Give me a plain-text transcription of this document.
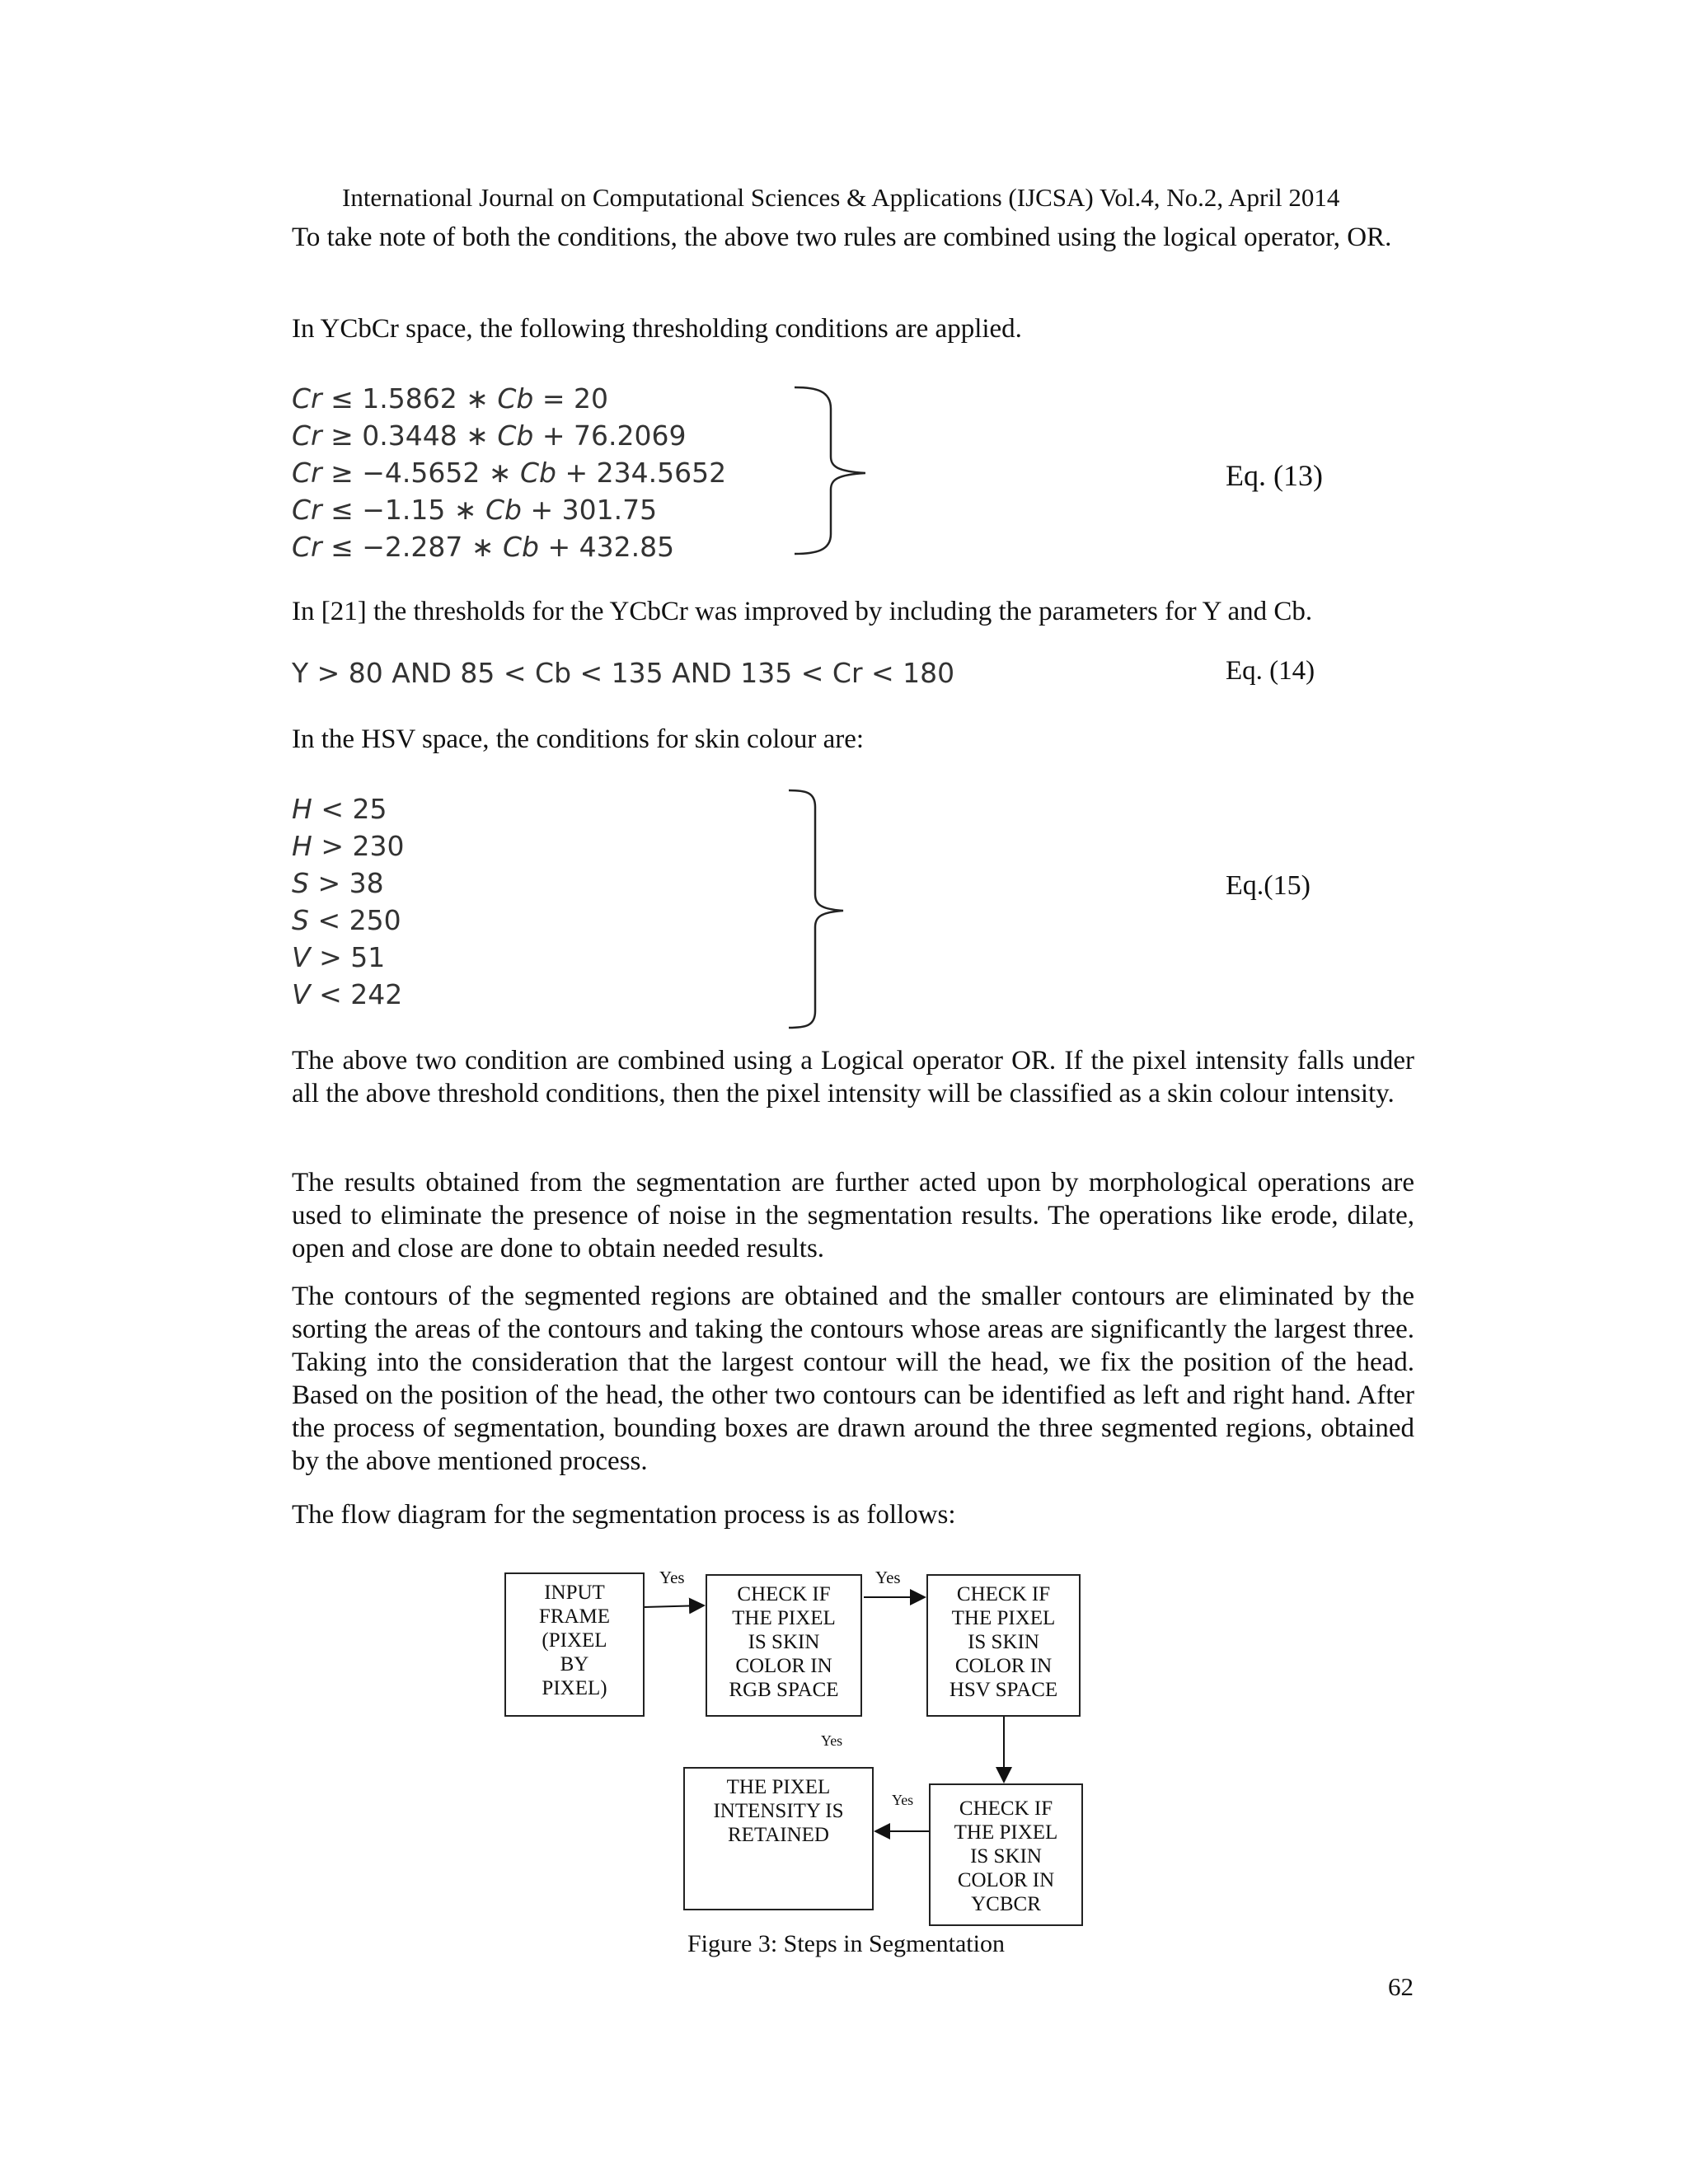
International Journal on Computational Sciences & Applications (IJCSA) Vol.4, No.2, April 2014
To take note of both the conditions, the above two rules are combined using the logical operator, OR.
In YCbCr space, the following thresholding conditions are applied.
Cr ≤ 1.5862 ∗ Cb = 20
Cr ≥ 0.3448 ∗ Cb + 76.2069
Cr ≥ −4.5652 ∗ Cb + 234.5652
Cr ≤ −1.15 ∗ Cb + 301.75
Cr ≤ −2.287 ∗ Cb + 432.85
Eq. (13)
In [21] the thresholds for the YCbCr was improved by including the parameters for Y and Cb.
Y > 80 AND 85 < Cb < 135 AND 135 < Cr < 180	Eq. (14)
In the HSV space, the conditions for skin colour are:
H < 25
H > 230
S > 38
S < 250
V > 51
V < 242
Eq.(15)
The above two condition are combined using a Logical operator OR. If the pixel intensity falls under all the above threshold conditions, then the pixel intensity will be classified as a skin colour intensity.
The results obtained from the segmentation are further acted upon by morphological operations are used to eliminate the presence of noise in the segmentation results. The operations like erode, dilate, open and close are done to obtain needed results.
The contours of the segmented regions are obtained and the smaller contours are eliminated by the sorting the areas of the contours and taking the contours whose areas are significantly the largest three. Taking into the consideration that the largest contour will the head, we fix the position of the head. Based on the position of the head, the other two contours can be identified as left and right hand. After the process of segmentation, bounding boxes are drawn around the three segmented regions, obtained by the above mentioned process.
The flow diagram for the segmentation process is as follows:
INPUT
FRAME
(PIXEL
BY
PIXEL)
CHECK IF
THE PIXEL
IS SKIN
COLOR IN
RGB SPACE
CHECK IF
THE PIXEL
IS SKIN
COLOR IN
HSV SPACE
CHECK IF
THE PIXEL
IS SKIN
COLOR IN
YCBCR
THE PIXEL
INTENSITY IS
RETAINED
Yes	Yes
Yes
Yes
Figure 3: Steps in Segmentation
62
